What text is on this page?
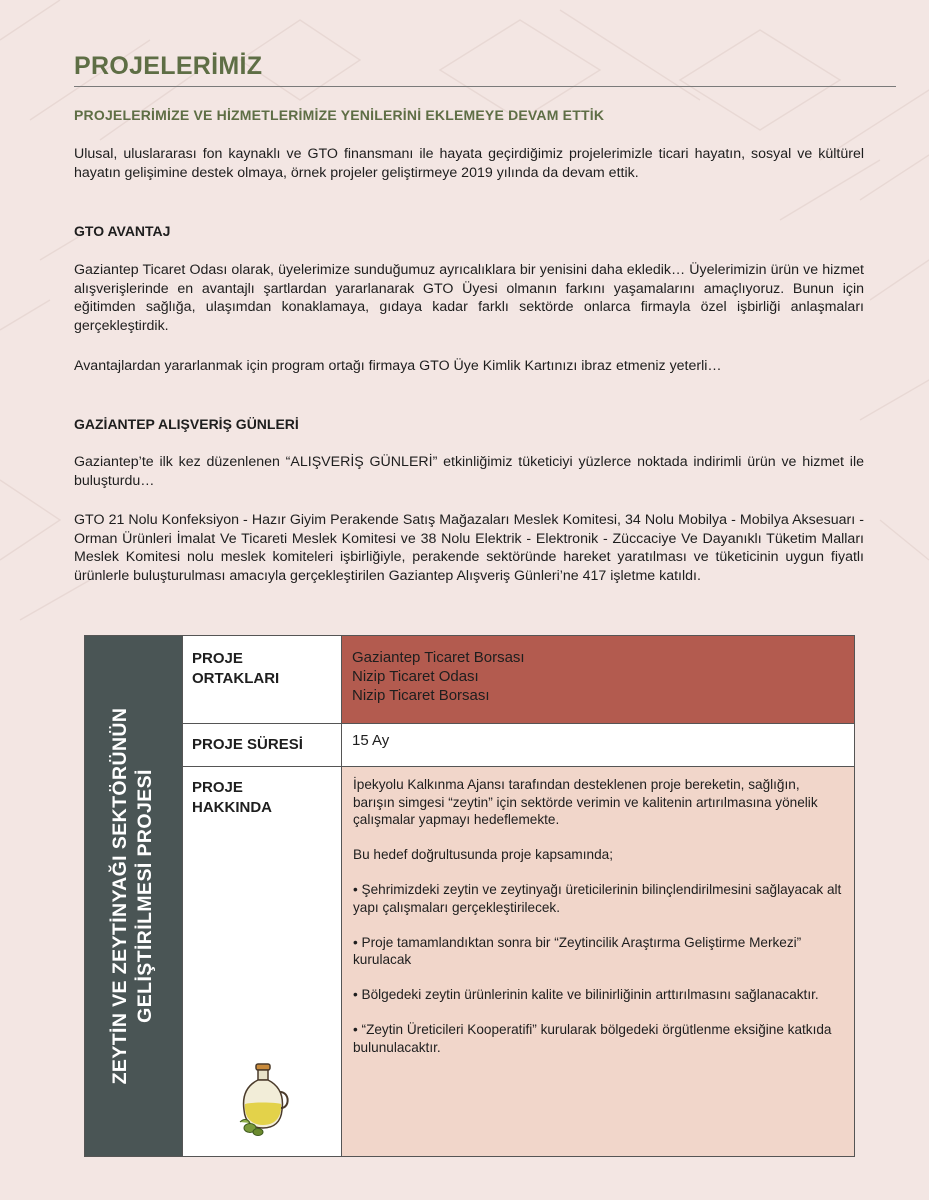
PROJELERİMİZ
PROJELERİMİZE VE HİZMETLERİMİZE YENİLERİNİ EKLEMEYE DEVAM ETTİK

Ulusal, uluslararası fon kaynaklı ve GTO finansmanı ile hayata geçirdiğimiz projelerimizle ticari hayatın, sosyal ve kültürel hayatın gelişimine destek olmaya, örnek projeler geliştirmeye 2019 yılında da devam ettik.

GTO AVANTAJ

Gaziantep Ticaret Odası olarak, üyelerimize sunduğumuz ayrıcalıklara bir yenisini daha ekledik… Üyelerimizin ürün ve hizmet alışverişlerinde en avantajlı şartlardan yararlanarak GTO Üyesi olmanın farkını yaşamalarını amaçlıyoruz. Bunun için eğitimden sağlığa, ulaşımdan konaklamaya, gıdaya kadar farklı sektörde onlarca firmayla özel işbirliği anlaşmaları gerçekleştirdik.

Avantajlardan yararlanmak için program ortağı firmaya GTO Üye Kimlik Kartınızı ibraz etmeniz yeterli…

GAZİANTEP ALIŞVERİŞ GÜNLERİ

Gaziantep’te ilk kez düzenlenen “ALIŞVERİŞ GÜNLERİ” etkinliğimiz tüketiciyi yüzlerce noktada indirimli ürün ve hizmet ile buluşturdu…

GTO 21 Nolu Konfeksiyon - Hazır Giyim Perakende Satış Mağazaları Meslek Komitesi, 34 Nolu Mobilya - Mobilya Aksesuarı - Orman Ürünleri İmalat Ve Ticareti Meslek Komitesi ve 38 Nolu Elektrik - Elektronik - Züccaciye Ve Dayanıklı Tüketim Malları Meslek Komitesi nolu meslek komiteleri işbirliğiyle, perakende sektöründe hareket yaratılması ve tüketicinin uygun fiyatlı ürünlerle buluşturulması amacıyla gerçekleştirilen Gaziantep Alışveriş Günleri’ne 417 işletme katıldı.

ZEYTİN VE ZEYTİNYAĞI SEKTÖRÜNÜN GELİŞTİRİLMESİ PROJESİ
PROJE
ORTAKLARI
PROJE SÜRESİ
PROJE
HAKKINDA
Gaziantep Ticaret Borsası
Nizip Ticaret Odası
Nizip Ticaret Borsası
15 Ay

İpekyolu Kalkınma Ajansı tarafından desteklenen proje bereketin, sağlığın, barışın simgesi “zeytin” için sektörde verimin ve kalitenin artırılmasına yönelik çalışmalar yapmayı hedeflemekte.

Bu hedef doğrultusunda proje kapsamında;

• Şehrimizdeki zeytin ve zeytinyağı üreticilerinin bilinçlendirilmesini sağlayacak alt yapı çalışmaları gerçekleştirilecek.

• Proje tamamlandıktan sonra bir “Zeytincilik Araştırma Geliştirme Merkezi” kurulacak

• Bölgedeki zeytin ürünlerinin kalite ve bilinirliğinin arttırılmasını sağlanacaktır.

• “Zeytin Üreticileri Kooperatifi” kurularak bölgedeki örgütlenme eksiğine katkıda bulunulacaktır.
